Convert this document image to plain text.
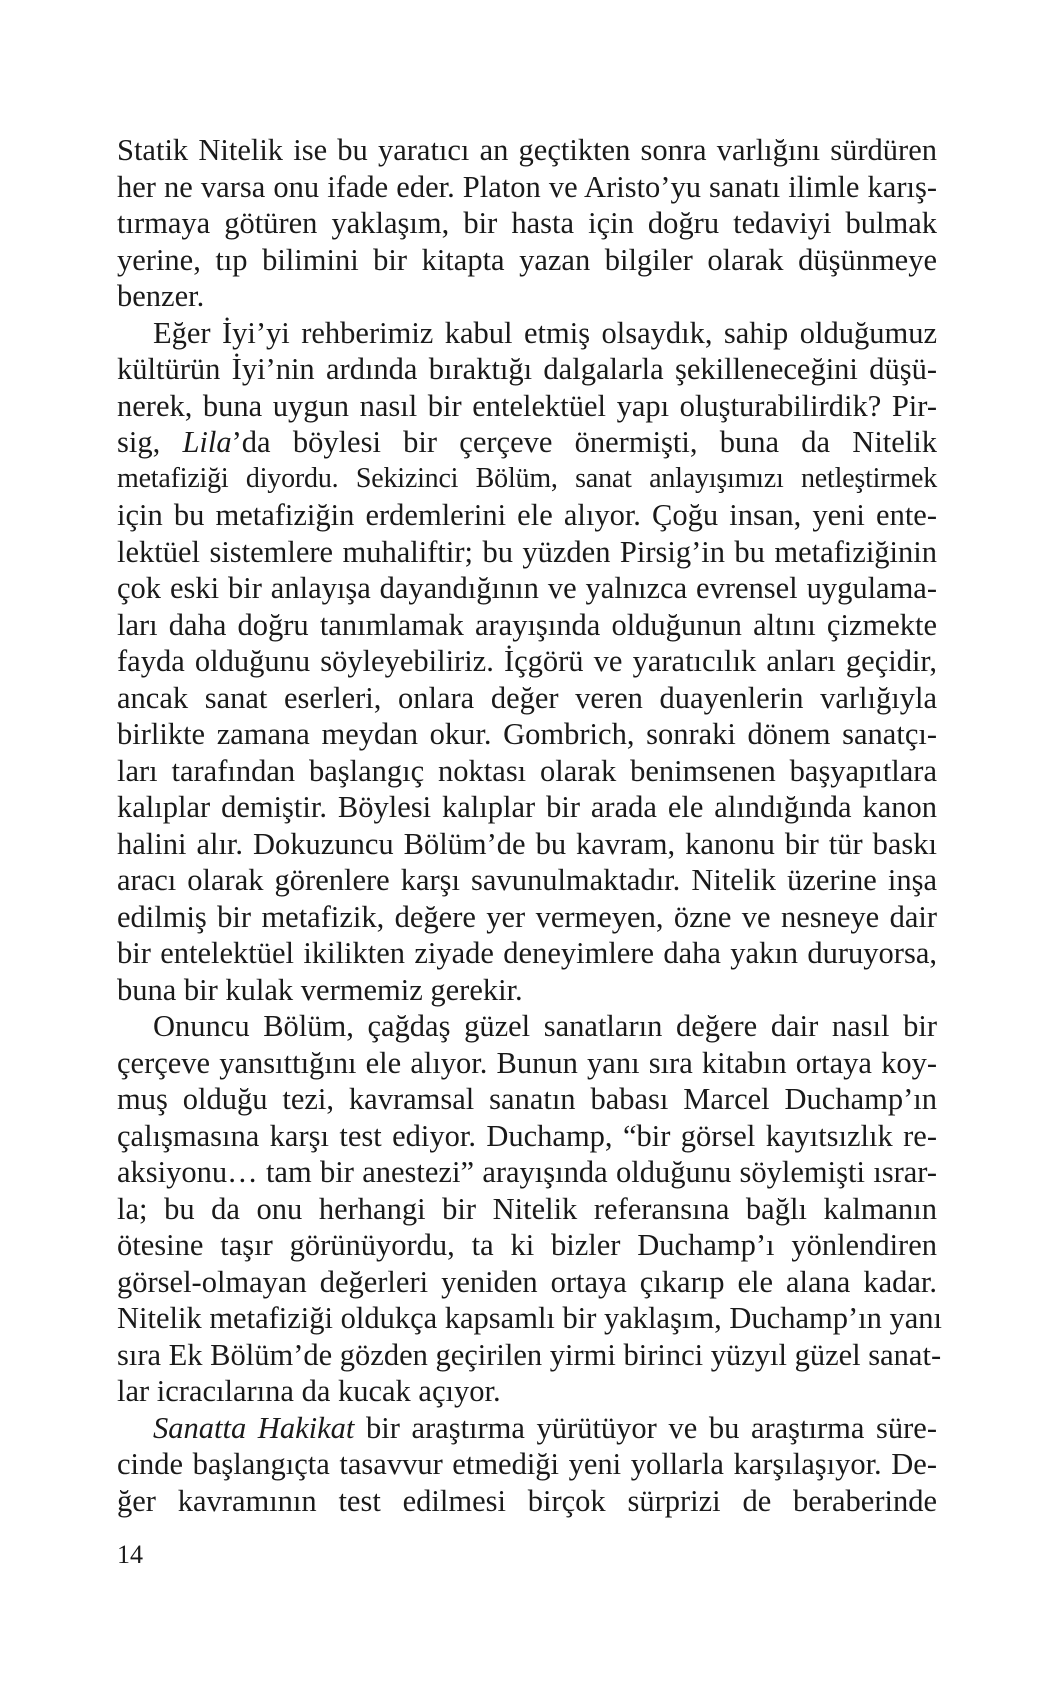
Statik Nitelik ise bu yaratıcı an geçtikten sonra varlığını sürdüren
her ne varsa onu ifade eder. Platon ve Aristo’yu sanatı ilimle karış-
tırmaya götüren yaklaşım, bir hasta için doğru tedaviyi bulmak
yerine, tıp bilimini bir kitapta yazan bilgiler olarak düşünmeye
benzer.
Eğer İyi’yi rehberimiz kabul etmiş olsaydık, sahip olduğumuz
kültürün İyi’nin ardında bıraktığı dalgalarla şekilleneceğini düşü-
nerek, buna uygun nasıl bir entelektüel yapı oluşturabilirdik? Pir-
sig, Lila’da böylesi bir çerçeve önermişti, buna da Nitelik
metafiziği diyordu. Sekizinci Bölüm, sanat anlayışımızı netleştirmek
için bu metafiziğin erdemlerini ele alıyor. Çoğu insan, yeni ente-
lektüel sistemlere muhaliftir; bu yüzden Pirsig’in bu metafiziğinin
çok eski bir anlayışa dayandığının ve yalnızca evrensel uygulama-
ları daha doğru tanımlamak arayışında olduğunun altını çizmekte
fayda olduğunu söyleyebiliriz. İçgörü ve yaratıcılık anları geçidir,
ancak sanat eserleri, onlara değer veren duayenlerin varlığıyla
birlikte zamana meydan okur. Gombrich, sonraki dönem sanatçı-
ları tarafından başlangıç noktası olarak benimsenen başyapıtlara
kalıplar demiştir. Böylesi kalıplar bir arada ele alındığında kanon
halini alır. Dokuzuncu Bölüm’de bu kavram, kanonu bir tür baskı
aracı olarak görenlere karşı savunulmaktadır. Nitelik üzerine inşa
edilmiş bir metafizik, değere yer vermeyen, özne ve nesneye dair
bir entelektüel ikilikten ziyade deneyimlere daha yakın duruyorsa,
buna bir kulak vermemiz gerekir.
Onuncu Bölüm, çağdaş güzel sanatların değere dair nasıl bir
çerçeve yansıttığını ele alıyor. Bunun yanı sıra kitabın ortaya koy-
muş olduğu tezi, kavramsal sanatın babası Marcel Duchamp’ın
çalışmasına karşı test ediyor. Duchamp, “bir görsel kayıtsızlık re-
aksiyonu… tam bir anestezi” arayışında olduğunu söylemişti ısrar-
la; bu da onu herhangi bir Nitelik referansına bağlı kalmanın
ötesine taşır görünüyordu, ta ki bizler Duchamp’ı yönlendiren
görsel-olmayan değerleri yeniden ortaya çıkarıp ele alana kadar.
Nitelik metafiziği oldukça kapsamlı bir yaklaşım, Duchamp’ın yanı
sıra Ek Bölüm’de gözden geçirilen yirmi birinci yüzyıl güzel sanat-
lar icracılarına da kucak açıyor.
Sanatta Hakikat bir araştırma yürütüyor ve bu araştırma süre-
cinde başlangıçta tasavvur etmediği yeni yollarla karşılaşıyor. De-
ğer kavramının test edilmesi birçok sürprizi de beraberinde
14
